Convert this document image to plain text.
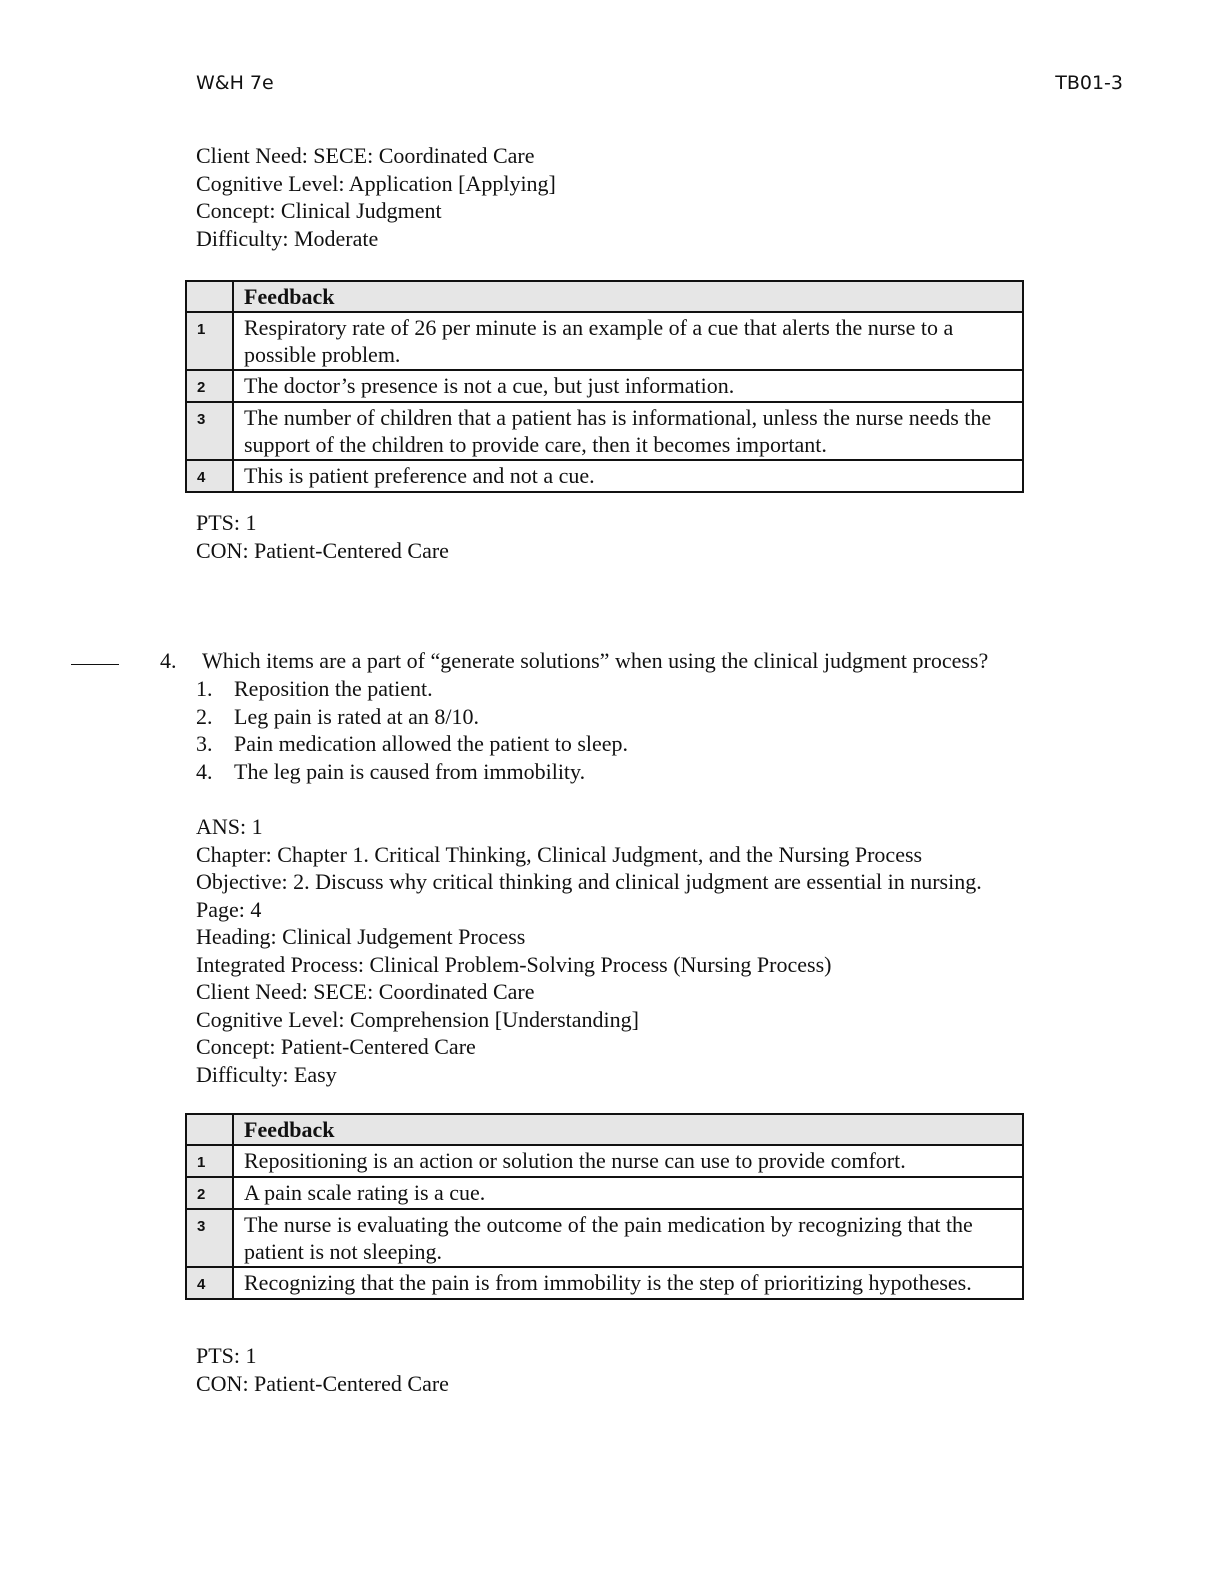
W&H 7e	TB01-3
Client Need: SECE: Coordinated Care
Cognitive Level: Application [Applying]
Concept: Clinical Judgment
Difficulty: Moderate
	Feedback
1	Respiratory rate of 26 per minute is an example of a cue that alerts the nurse to a possible problem.
2	The doctor’s presence is not a cue, but just information.
3	The number of children that a patient has is informational, unless the nurse needs the support of the children to provide care, then it becomes important.
4	This is patient preference and not a cue.
PTS: 1
CON: Patient-Centered Care
4. Which items are a part of “generate solutions” when using the clinical judgment process?
1. Reposition the patient.
2. Leg pain is rated at an 8/10.
3. Pain medication allowed the patient to sleep.
4. The leg pain is caused from immobility.
ANS: 1
Chapter: Chapter 1. Critical Thinking, Clinical Judgment, and the Nursing Process
Objective: 2. Discuss why critical thinking and clinical judgment are essential in nursing.
Page: 4
Heading: Clinical Judgement Process
Integrated Process: Clinical Problem-Solving Process (Nursing Process)
Client Need: SECE: Coordinated Care
Cognitive Level: Comprehension [Understanding]
Concept: Patient-Centered Care
Difficulty: Easy
	Feedback
1	Repositioning is an action or solution the nurse can use to provide comfort.
2	A pain scale rating is a cue.
3	The nurse is evaluating the outcome of the pain medication by recognizing that the patient is not sleeping.
4	Recognizing that the pain is from immobility is the step of prioritizing hypotheses.
PTS: 1
CON: Patient-Centered Care
